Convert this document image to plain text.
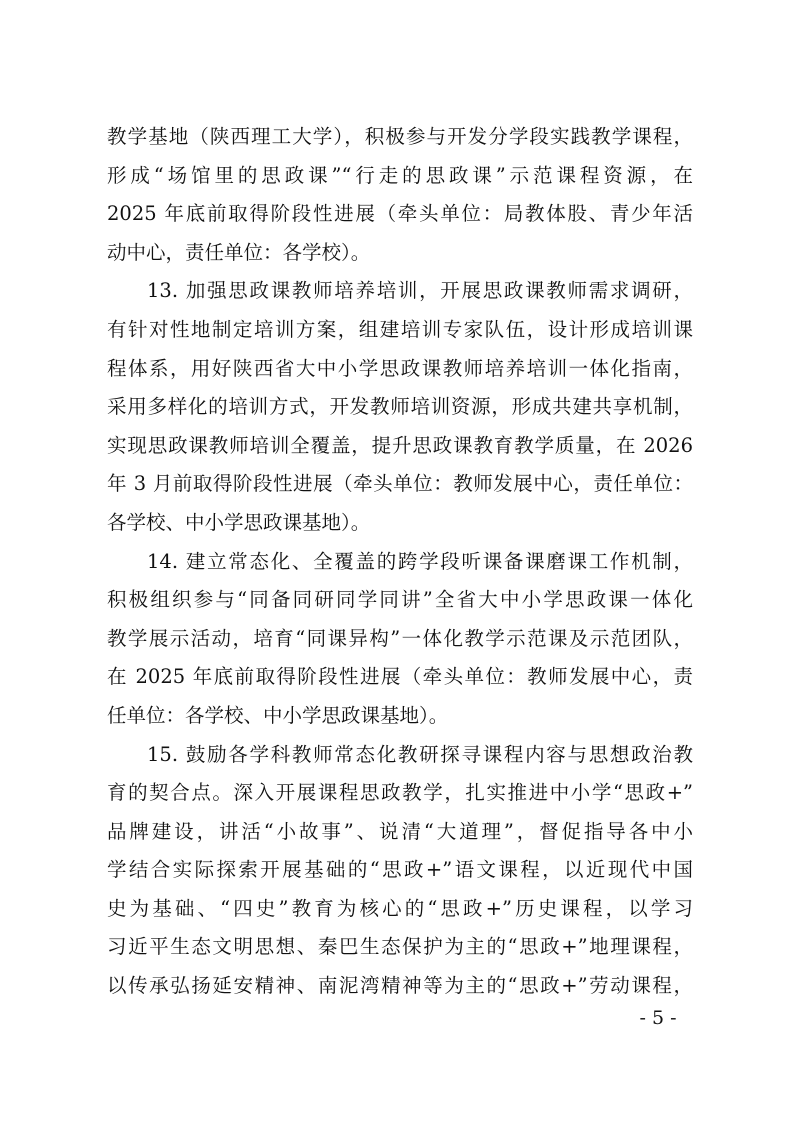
教学基地（陕西理工大学），积极参与开发分学段实践教学课程，
形成“场馆里的思政课”“行走的思政课”示范课程资源，在
2025 年底前取得阶段性进展（牵头单位：局教体股、青少年活
动中心，责任单位：各学校）。
13. 加强思政课教师培养培训，开展思政课教师需求调研，
有针对性地制定培训方案，组建培训专家队伍，设计形成培训课
程体系，用好陕西省大中小学思政课教师培养培训一体化指南，
采用多样化的培训方式，开发教师培训资源，形成共建共享机制，
实现思政课教师培训全覆盖，提升思政课教育教学质量，在 2026
年 3 月前取得阶段性进展（牵头单位：教师发展中心，责任单位：
各学校、中小学思政课基地）。
14. 建立常态化、全覆盖的跨学段听课备课磨课工作机制，
积极组织参与“同备同研同学同讲”全省大中小学思政课一体化
教学展示活动，培育“同课异构”一体化教学示范课及示范团队，
在 2025 年底前取得阶段性进展（牵头单位：教师发展中心，责
任单位：各学校、中小学思政课基地）。
15. 鼓励各学科教师常态化教研探寻课程内容与思想政治教
育的契合点。深入开展课程思政教学，扎实推进中小学“思政+”
品牌建设，讲活“小故事”、说清“大道理”，督促指导各中小
学结合实际探索开展基础的“思政+”语文课程，以近现代中国
史为基础、“四史”教育为核心的“思政+”历史课程，以学习
习近平生态文明思想、秦巴生态保护为主的“思政+”地理课程，
以传承弘扬延安精神、南泥湾精神等为主的“思政+”劳动课程，
- 5 -
